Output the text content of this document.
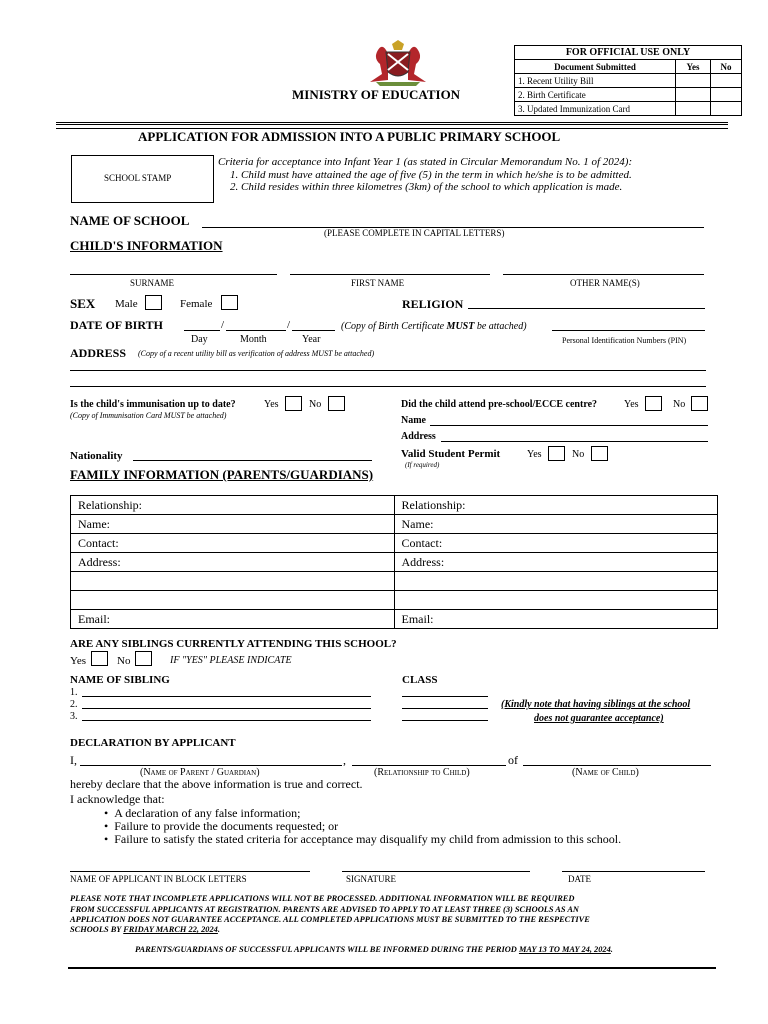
MINISTRY OF EDUCATION
FOR OFFICIAL USE ONLY		
Document Submitted	Yes	No
1. Recent Utility Bill		
2. Birth Certificate		
3. Updated Immunization Card		
APPLICATION FOR ADMISSION INTO A PUBLIC PRIMARY SCHOOL
SCHOOL STAMP
Criteria for acceptance into Infant Year 1 (as stated in Circular Memorandum No. 1 of 2024):
1. Child must have attained the age of five (5) in the term in which he/she is to be admitted.
2. Child resides within three kilometres (3km) of the school to which application is made.
NAME OF SCHOOL
(PLEASE COMPLETE IN CAPITAL LETTERS)
CHILD'S INFORMATION
SURNAME	FIRST NAME	OTHER NAME(S)
SEX Male	Female	RELIGION
DATE OF BIRTH	/	/	(Copy of Birth Certificate MUST be attached)
Day	Month	Year	Personal Identification Numbers (PIN)
ADDRESS (Copy of a recent utility bill as verification of address MUST be attached)
Is the child's immunisation up to date?	Yes	No
(Copy of Immunisation Card MUST be attached)
Did the child attend pre-school/ECCE centre?	Yes	No
Name
Address
Nationality	Valid Student Permit	Yes	No
(If required)
FAMILY INFORMATION (PARENTS/GUARDIANS)
Relationship:	Relationship:
Name:	Name:
Contact:	Contact:
Address:	Address:

Email:	Email:
ARE ANY SIBLINGS CURRENTLY ATTENDING THIS SCHOOL?
Yes	No	IF "YES" PLEASE INDICATE
NAME OF SIBLING	CLASS
1.
2.
3.
(Kindly note that having siblings at the school
does not guarantee acceptance)
DECLARATION BY APPLICANT
I,	,	of
(Name of Parent / Guardian)	(Relationship to Child)	(Name of Child)
hereby declare that the above information is true and correct.
I acknowledge that:
•  A declaration of any false information;
•  Failure to provide the documents requested; or
•  Failure to satisfy the stated criteria for acceptance may disqualify my child from admission to this school.
NAME OF APPLICANT IN BLOCK LETTERS	SIGNATURE	DATE
PLEASE NOTE THAT INCOMPLETE APPLICATIONS WILL NOT BE PROCESSED. ADDITIONAL INFORMATION WILL BE REQUIRED
FROM SUCCESSFUL APPLICANTS AT REGISTRATION. PARENTS ARE ADVISED TO APPLY TO AT LEAST THREE (3) SCHOOLS AS AN
APPLICATION DOES NOT GUARANTEE ACCEPTANCE. ALL COMPLETED APPLICATIONS MUST BE SUBMITTED TO THE RESPECTIVE
SCHOOLS BY FRIDAY MARCH 22, 2024.
PARENTS/GUARDIANS OF SUCCESSFUL APPLICANTS WILL BE INFORMED DURING THE PERIOD MAY 13 TO MAY 24, 2024.
